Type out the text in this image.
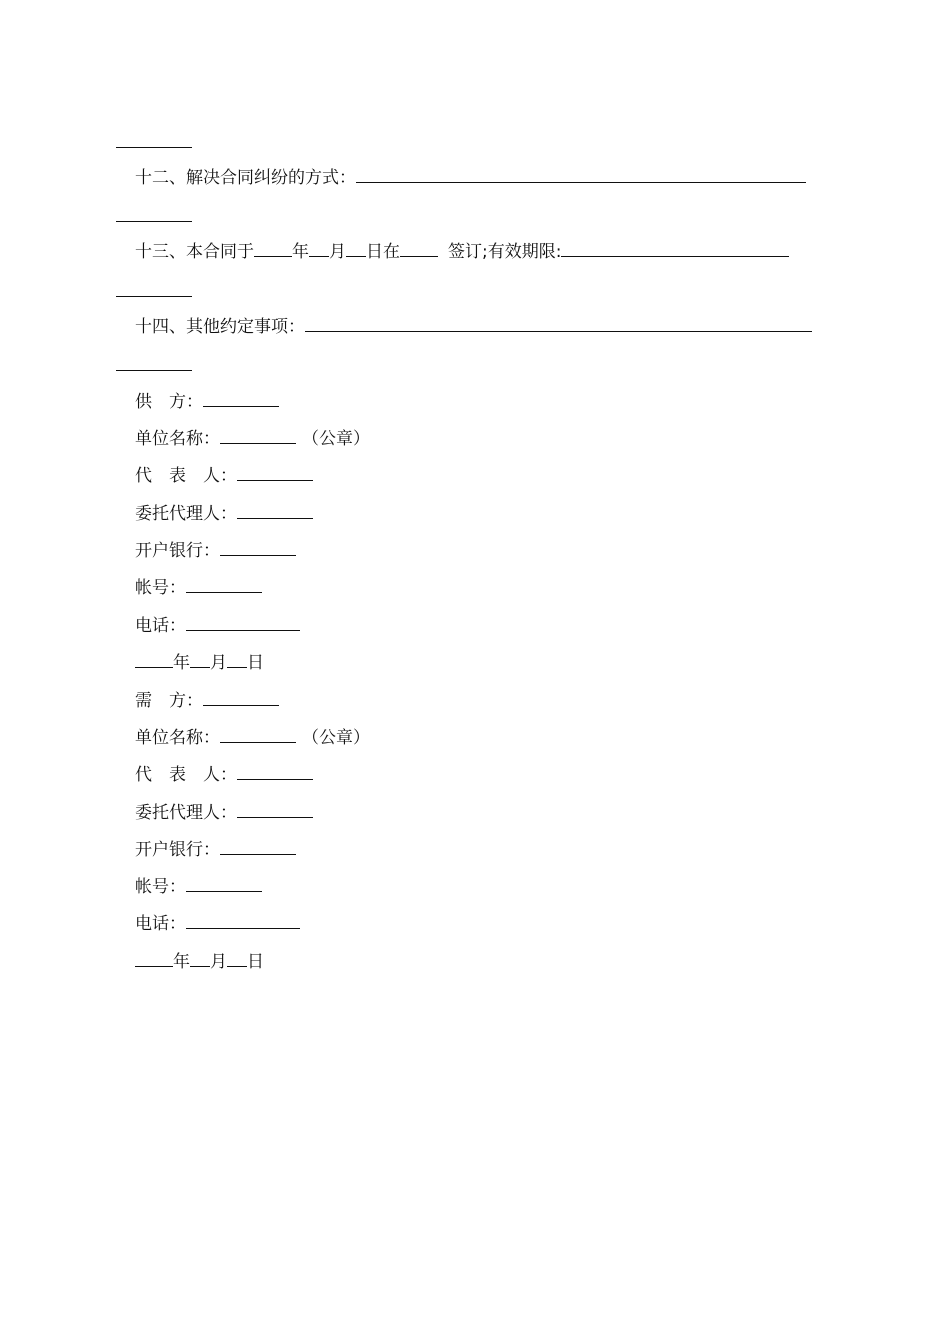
十二、解决合同纠纷的方式：
十三、本合同于 年 月 日在	签订;有效期限:
十四、其他约定事项：
供　方：
单位名称：	（公章）
代　表　人：
委托代理人：
开户银行：
帐号：
电话：
年 月 日
需　方：
单位名称：	（公章）
代　表　人：
委托代理人：
开户银行：
帐号：
电话：
年 月 日
